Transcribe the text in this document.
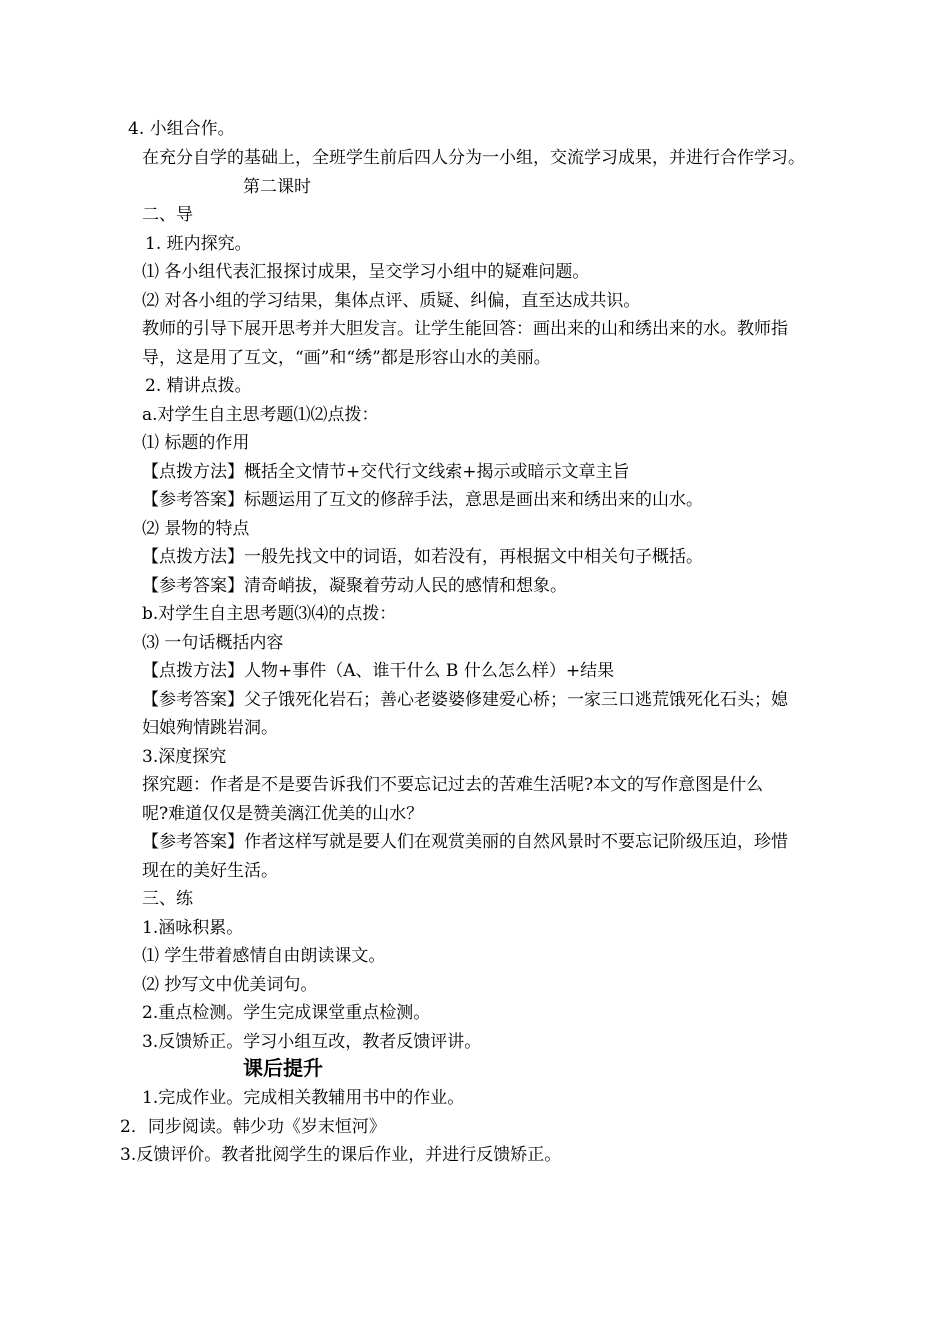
4. 小组合作。
在充分自学的基础上，全班学生前后四人分为一小组，交流学习成果，并进行合作学习。
第二课时
二、导
1. 班内探究。
⑴ 各小组代表汇报探讨成果，呈交学习小组中的疑难问题。
⑵ 对各小组的学习结果，集体点评、质疑、纠偏，直至达成共识。
教师的引导下展开思考并大胆发言。让学生能回答：画出来的山和绣出来的水。教师指
导，这是用了互文，“画”和“绣”都是形容山水的美丽。
2. 精讲点拨。
a.对学生自主思考题⑴⑵点拨：
⑴ 标题的作用
【点拨方法】概括全文情节+交代行文线索+揭示或暗示文章主旨
【参考答案】标题运用了互文的修辞手法，意思是画出来和绣出来的山水。
⑵ 景物的特点
【点拨方法】一般先找文中的词语，如若没有，再根据文中相关句子概括。
【参考答案】清奇峭拔，凝聚着劳动人民的感情和想象。
b.对学生自主思考题⑶⑷的点拨：
⑶ 一句话概括内容
【点拨方法】人物+事件（A、谁干什么 B 什么怎么样）+结果
【参考答案】父子饿死化岩石；善心老婆婆修建爱心桥；一家三口逃荒饿死化石头；媳
妇娘殉情跳岩洞。
3.深度探究
探究题：作者是不是要告诉我们不要忘记过去的苦难生活呢?本文的写作意图是什么
呢?难道仅仅是赞美漓江优美的山水？
【参考答案】作者这样写就是要人们在观赏美丽的自然风景时不要忘记阶级压迫，珍惜
现在的美好生活。
三、练
1.涵咏积累。
⑴ 学生带着感情自由朗读课文。
⑵ 抄写文中优美词句。
2.重点检测。学生完成课堂重点检测。
3.反馈矫正。学习小组互改，教者反馈评讲。
课后提升
1.完成作业。完成相关教辅用书中的作业。
2．同步阅读。韩少功《岁末恒河》
3.反馈评价。教者批阅学生的课后作业，并进行反馈矫正。
